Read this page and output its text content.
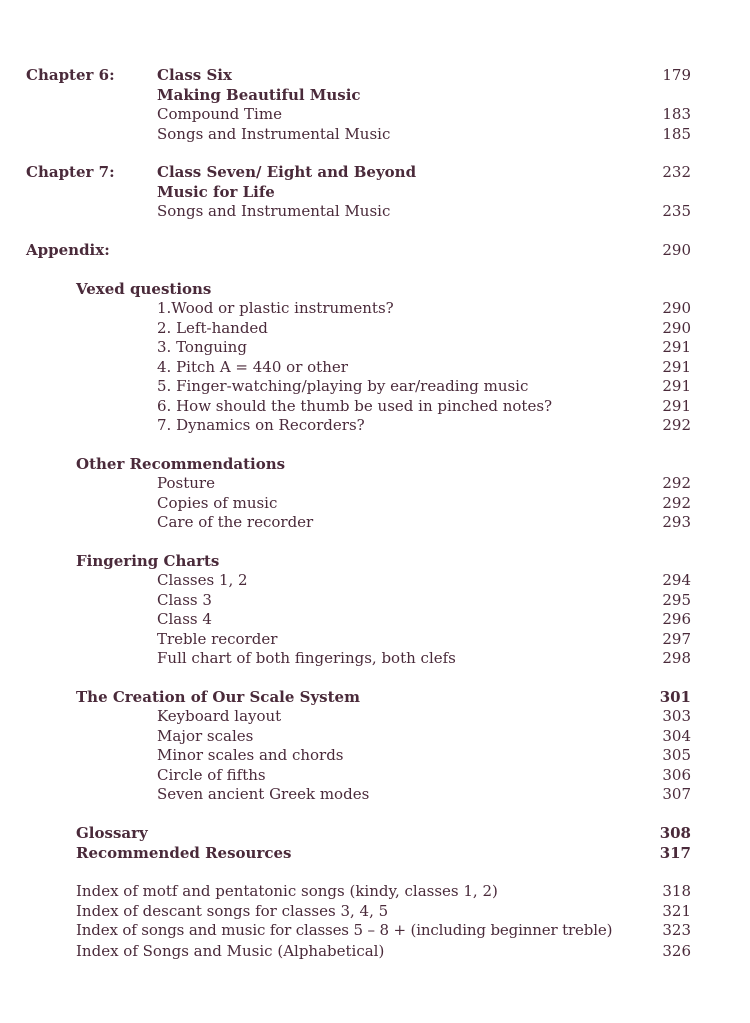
Chapter 6:	Class Six	179
Making Beautiful Music
Compound Time	183
Songs and Instrumental Music	185
Chapter 7:	Class Seven/ Eight and Beyond	232
Music for Life
Songs and Instrumental Music	235
Appendix:	290
Vexed questions
1.Wood or plastic instruments?	290
2. Left-handed	290
3. Tonguing	291
4. Pitch A = 440 or other	291
5. Finger-watching/playing by ear/reading music	291
6. How should the thumb be used in pinched notes?	291
7. Dynamics on Recorders?	292
Other Recommendations
Posture	292
Copies of music	292
Care of the recorder	293
Fingering Charts
Classes 1, 2	294
Class 3	295
Class 4	296
Treble recorder	297
Full chart of both fingerings, both clefs	298
The Creation of Our Scale System	301
Keyboard layout	303
Major scales	304
Minor scales and chords	305
Circle of fifths	306
Seven ancient Greek modes	307
Glossary	308
Recommended Resources	317
Index of motf and pentatonic songs (kindy, classes 1, 2)	318
Index of descant songs for classes 3, 4, 5	321
Index of songs and music for classes 5 – 8 + (including beginner treble)	323
Index of Songs and Music (Alphabetical)	326
